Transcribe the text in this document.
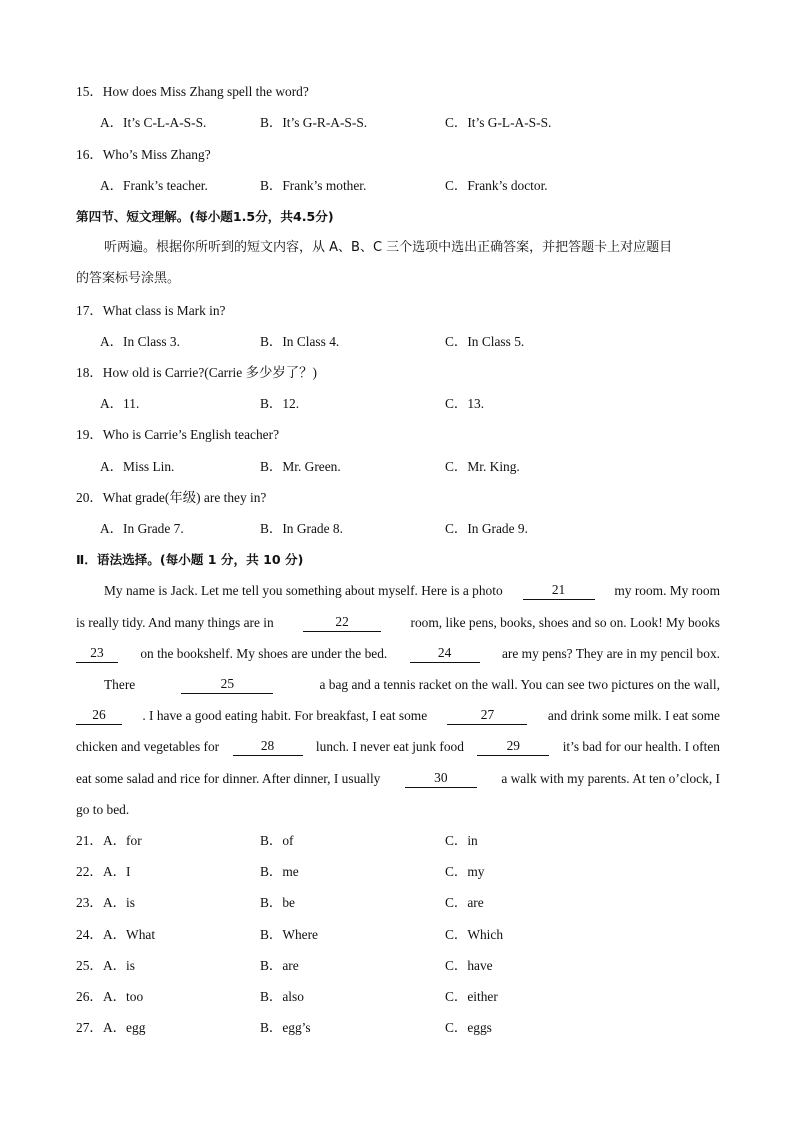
15．How does Miss Zhang spell the word?
A．It’s C-L-A-S-S.	B．It’s G-R-A-S-S.	C．It’s G-L-A-S-S.
16．Who’s Miss Zhang?
A．Frank’s teacher.	B．Frank’s mother.	C．Frank’s doctor.
第四节、短文理解。(每小题1.5分，共4.5分)
听两遍。根据你所听到的短文内容，从 A、B、C 三个选项中选出正确答案，并把答题卡上对应题目
的答案标号涂黑。
17．What class is Mark in?
A．In Class 3.	B．In Class 4.	C．In Class 5.
18．How old is Carrie?(Carrie 多少岁了？)
A．11.	B．12.	C．13.
19．Who is Carrie’s English teacher?
A．Miss Lin.	B．Mr. Green.	C．Mr. King.
20．What grade(年级) are they in?
A．In Grade 7.	B．In Grade 8.	C．In Grade 9.
Ⅱ．语法选择。(每小题 1 分，共 10 分)
My name is Jack. Let me tell you something about myself. Here is a photo	21	my room. My room
is really tidy. And many things are in	22	room, like pens, books, shoes and so on. Look! My books
23	on the bookshelf. My shoes are under the bed.	24	are my pens? They are in my pencil box.
There	25	a bag and a tennis racket on the wall. You can see two pictures on the wall,
26	. I have a good eating habit. For breakfast, I eat some	27	and drink some milk. I eat some
chicken and vegetables for	28	lunch. I never eat junk food	29	it’s bad for our health. I often
eat some salad and rice for dinner. After dinner, I usually	30	a walk with my parents. At ten o’clock, I
go to bed.
21． A．for	B．of	C．in
22． A．I	B．me	C．my
23． A．is	B．be	C．are
24． A．What	B．Where	C．Which
25． A．is	B．are	C．have
26． A．too	B．also	C．either
27． A．egg	B．egg’s	C．eggs
